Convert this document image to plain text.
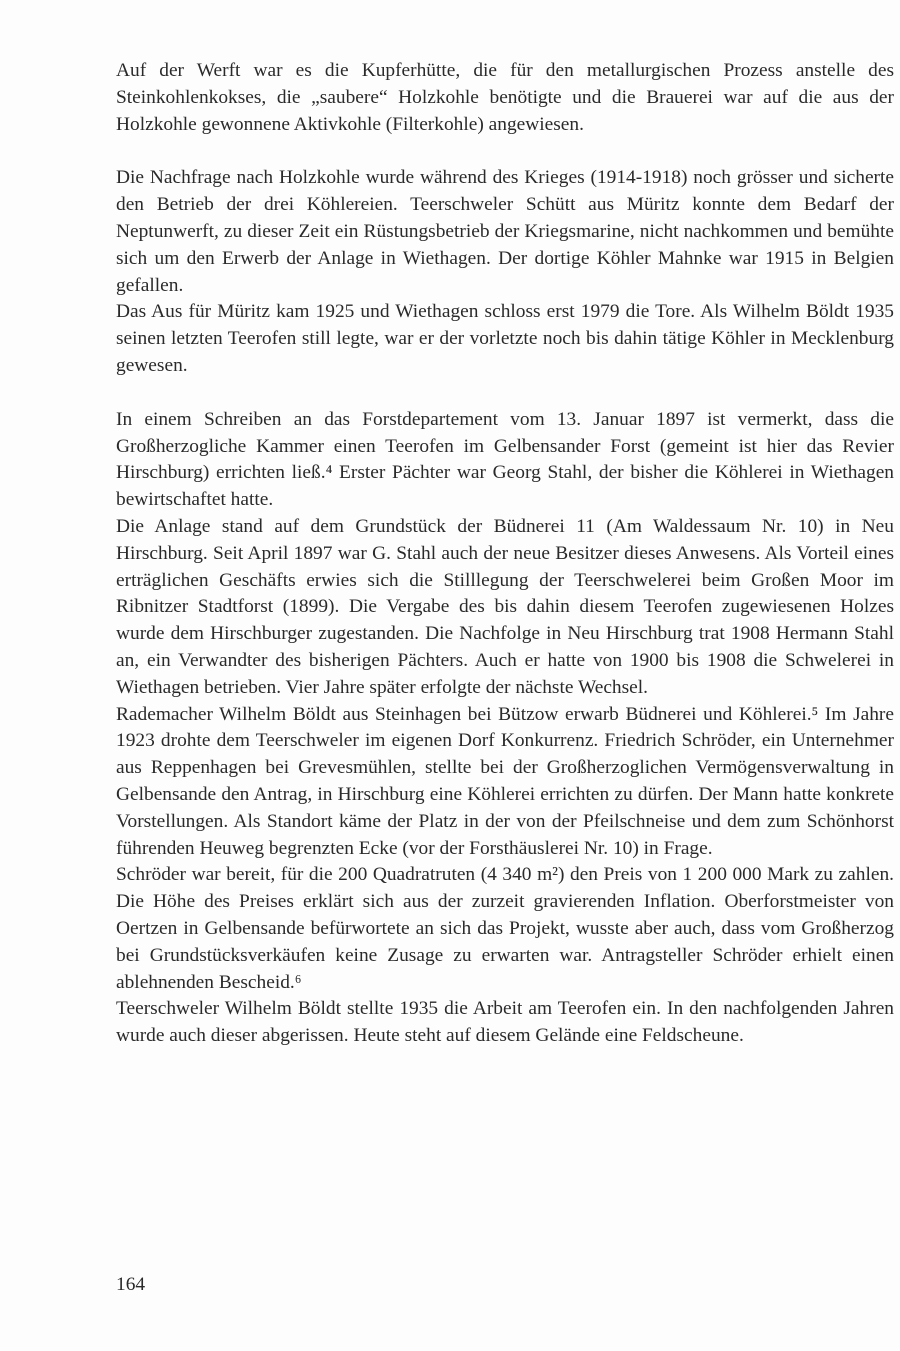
Auf der Werft war es die Kupferhütte, die für den metallurgischen Prozess anstelle des Steinkohlenkokses, die „saubere“ Holzkohle benötigte und die Brauerei war auf die aus der Holzkohle gewonnene Aktivkohle (Filterkohle) angewiesen.

Die Nachfrage nach Holzkohle wurde während des Krieges (1914-1918) noch grösser und sicherte den Betrieb der drei Köhlereien. Teerschweler Schütt aus Müritz konnte dem Bedarf der Neptunwerft, zu dieser Zeit ein Rüstungsbetrieb der Kriegsmarine, nicht nachkommen und bemühte sich um den Erwerb der Anlage in Wiethagen. Der dortige Köhler Mahnke war 1915 in Belgien gefallen.

Das Aus für Müritz kam 1925 und Wiethagen schloss erst 1979 die Tore. Als Wilhelm Böldt 1935 seinen letzten Teerofen still legte, war er der vorletzte noch bis dahin tätige Köhler in Mecklenburg gewesen.

In einem Schreiben an das Forstdepartement vom 13. Januar 1897 ist vermerkt, dass die Großherzogliche Kammer einen Teerofen im Gelbensander Forst (gemeint ist hier das Revier Hirschburg) errichten ließ.⁴ Erster Pächter war Georg Stahl, der bisher die Köhlerei in Wiethagen bewirtschaftet hatte.

Die Anlage stand auf dem Grundstück der Büdnerei 11 (Am Waldessaum Nr. 10) in Neu Hirschburg. Seit April 1897 war G. Stahl auch der neue Besitzer dieses Anwesens. Als Vorteil eines erträglichen Geschäfts erwies sich die Stilllegung der Teerschwelerei beim Großen Moor im Ribnitzer Stadtforst (1899). Die Vergabe des bis dahin diesem Teerofen zugewiesenen Holzes wurde dem Hirschburger zugestanden. Die Nachfolge in Neu Hirschburg trat 1908 Hermann Stahl an, ein Verwandter des bisherigen Pächters. Auch er hatte von 1900 bis 1908 die Schwelerei in Wiethagen betrieben. Vier Jahre später erfolgte der nächste Wechsel.

Rademacher Wilhelm Böldt aus Steinhagen bei Bützow erwarb Büdnerei und Köhlerei.⁵ Im Jahre 1923 drohte dem Teerschweler im eigenen Dorf Konkurrenz. Friedrich Schröder, ein Unternehmer aus Reppenhagen bei Grevesmühlen, stellte bei der Großherzoglichen Vermögensverwaltung in Gelbensande den Antrag, in Hirschburg eine Köhlerei errichten zu dürfen. Der Mann hatte konkrete Vorstellungen. Als Standort käme der Platz in der von der Pfeilschneise und dem zum Schönhorst führenden Heuweg begrenzten Ecke (vor der Forsthäuslerei Nr. 10) in Frage.

Schröder war bereit, für die 200 Quadratruten (4 340 m²) den Preis von 1 200 000 Mark zu zahlen. Die Höhe des Preises erklärt sich aus der zurzeit gravierenden Inflation. Oberforstmeister von Oertzen in Gelbensande befürwortete an sich das Projekt, wusste aber auch, dass vom Großherzog bei Grundstücksverkäufen keine Zusage zu erwarten war. Antragsteller Schröder erhielt einen ablehnenden Bescheid.⁶

Teerschweler Wilhelm Böldt stellte 1935 die Arbeit am Teerofen ein. In den nachfolgenden Jahren wurde auch dieser abgerissen. Heute steht auf diesem Gelände eine Feldscheune.

164
